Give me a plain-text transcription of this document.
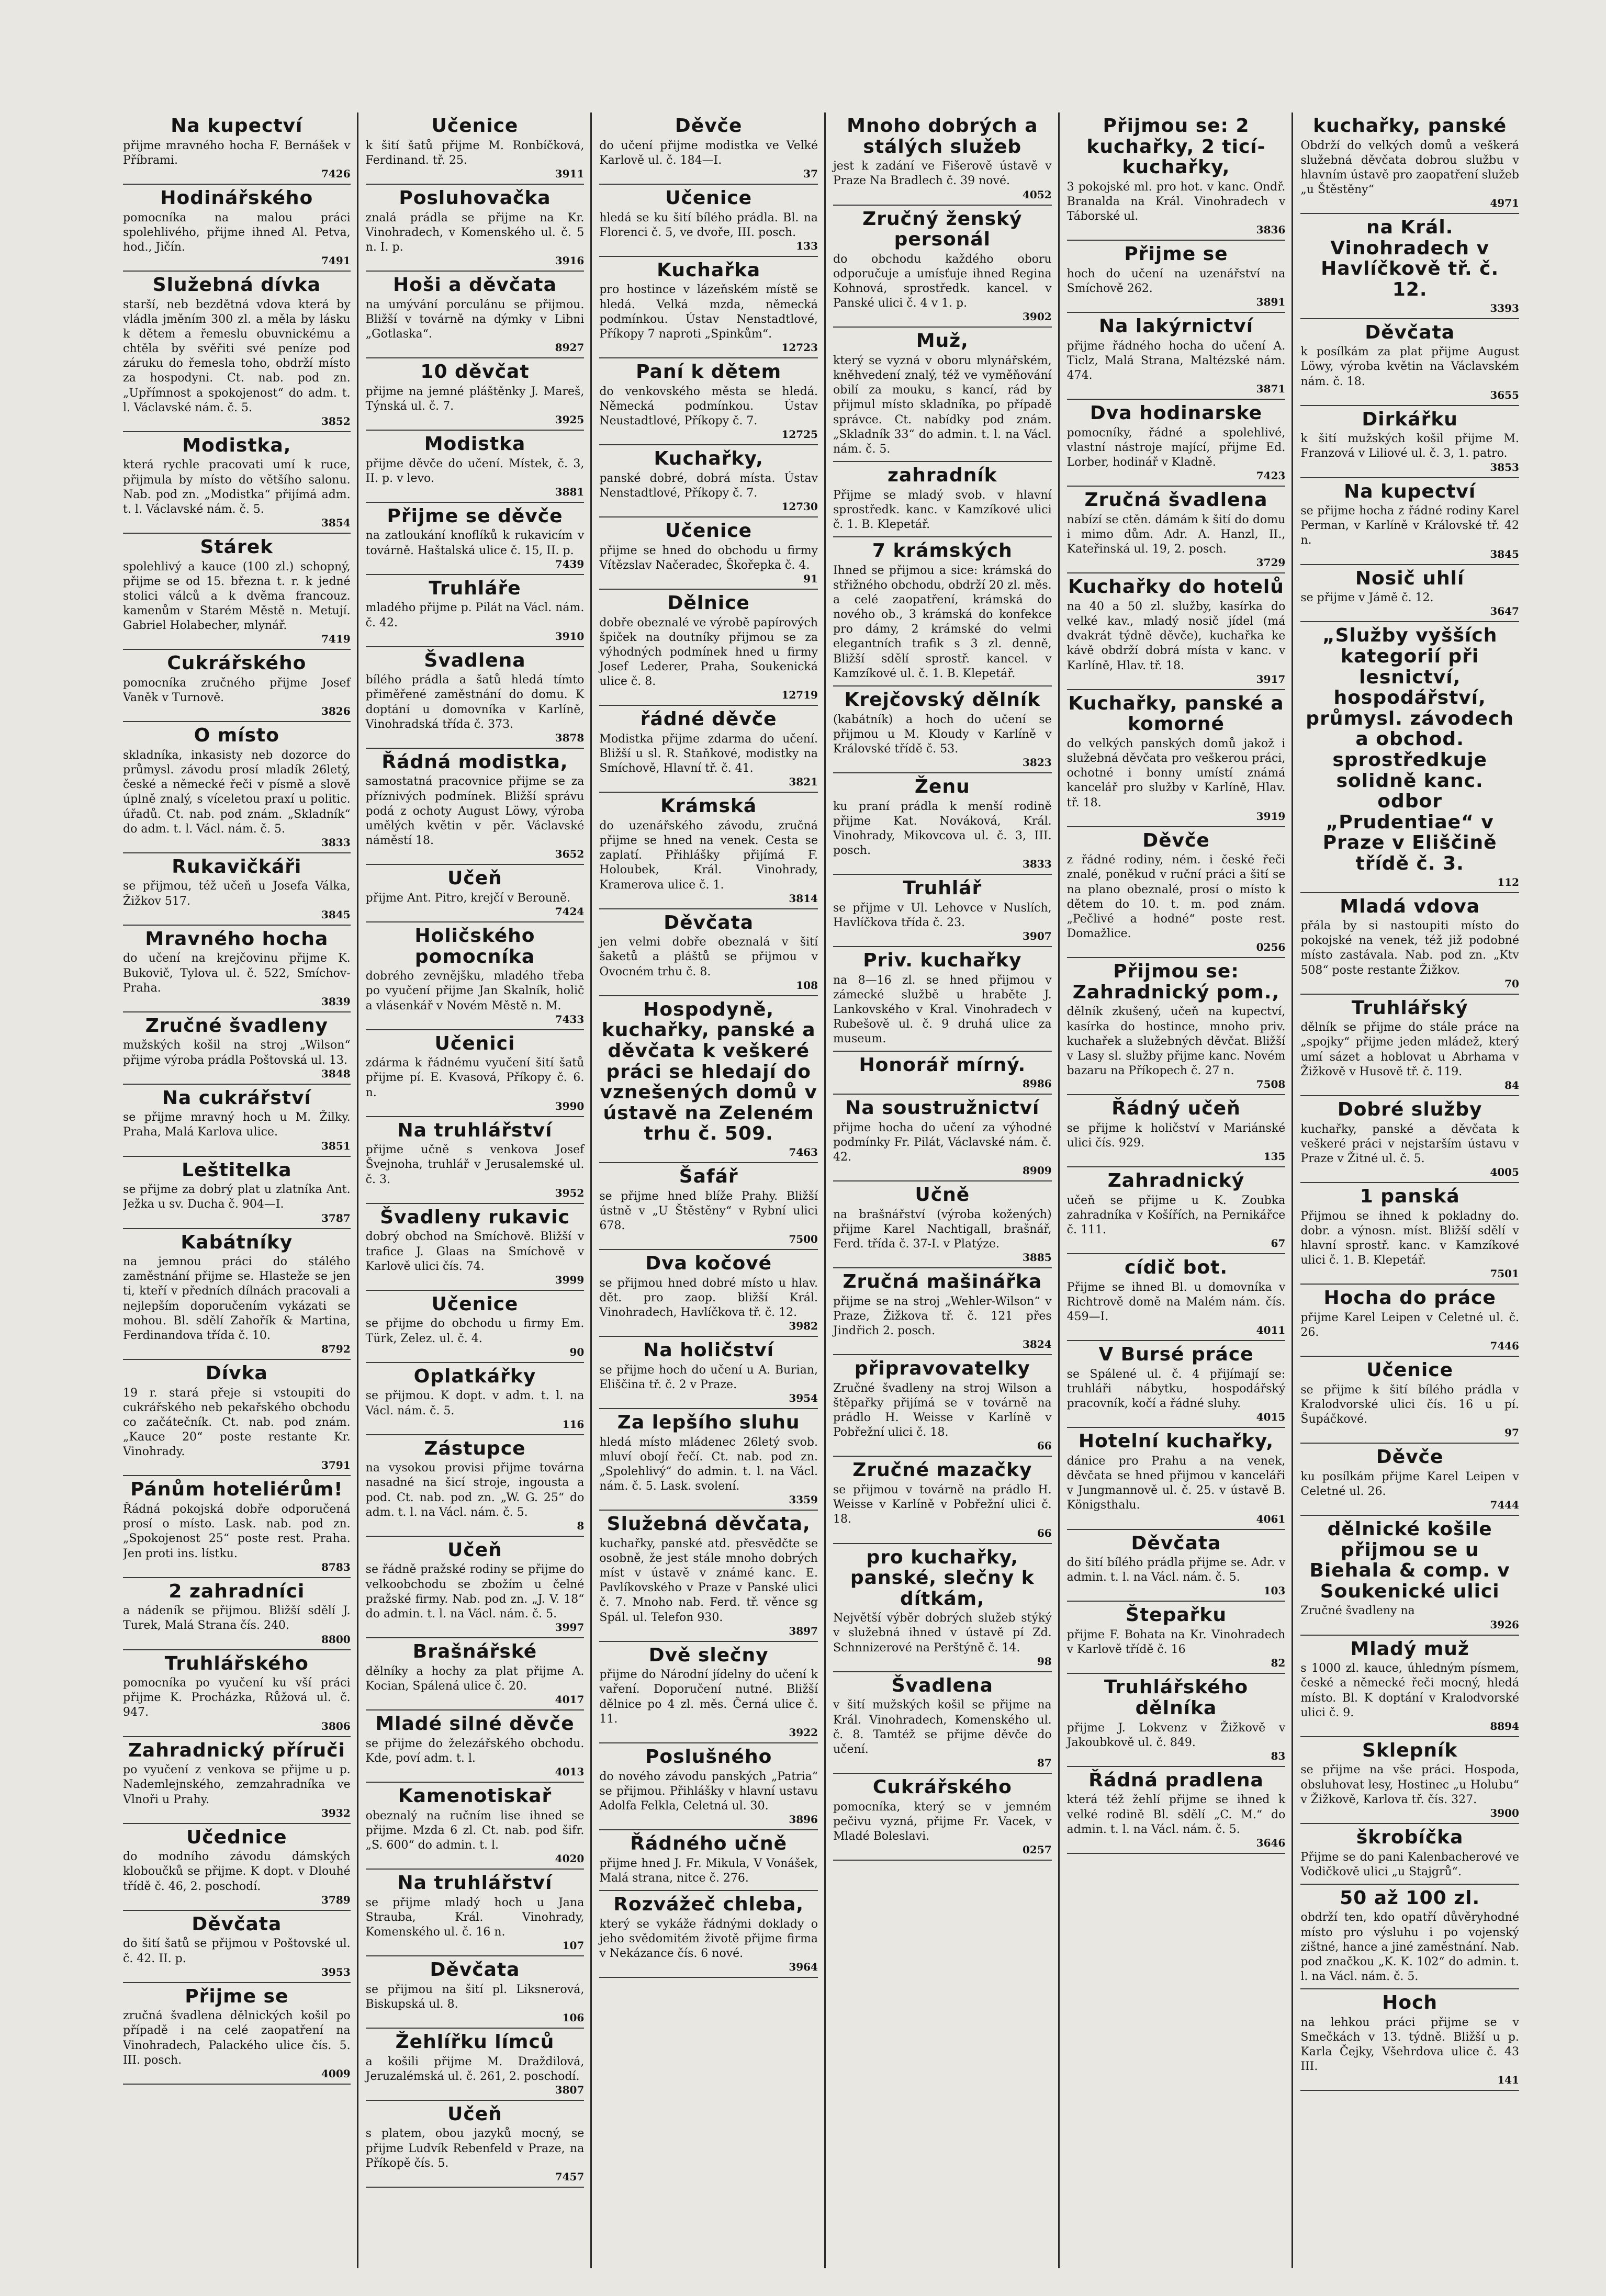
Na kupectví

přijme mravného hocha F. Bernášek v Příbrami.

7426
Hodinářského

pomocníka na malou práci spolehlivého, přijme ihned Al. Petva, hod., Jičín.

7491
Služebná dívka

starší, neb bezdětná vdova která by vládla jměním 300 zl. a měla by lásku k dětem a řemeslu obuvnickému a chtěla by svěřiti své peníze pod záruku do řemesla toho, obdrží místo za hospodyni. Ct. nab. pod zn. „Upřímnost a spokojenost“ do adm. t. l. Václavské nám. č. 5.

3852
Modistka,

která rychle pracovati umí k ruce, přijmula by místo do většího salonu. Nab. pod zn. „Modistka“ přijímá adm. t. l. Václavské nám. č. 5.

3854
Stárek

spolehlivý a kauce (100 zl.) schopný, přijme se od 15. března t. r. k jedné stolici válců a k dvěma francouz. kamenům v Starém Městě n. Metují. Gabriel Holabecher, mlynář.

7419
Cukrářského

pomocníka zručného přijme Josef Vaněk v Turnově.

3826
O místo

skladníka, inkasisty neb dozorce do průmysl. závodu prosí mladík 26letý, české a německé řeči v písmě a slově úplně znalý, s víceletou praxí u politic. úřadů. Ct. nab. pod znám. „Skladník“ do adm. t. l. Václ. nám. č. 5.

3833
Rukavičkáři

se přijmou, též učeň u Josefa Válka, Žižkov 517.

3845
Mravného hocha

do učení na krejčovinu přijme K. Bukovič, Tylova ul. č. 522, Smíchov-Praha.

3839
Zručné švadleny

mužských košil na stroj „Wilson“ přijme výroba prádla Poštovská ul. 13.

3848
Na cukrářství

se přijme mravný hoch u M. Žilky. Praha, Malá Karlova ulice.

3851
Leštitelka

se přijme za dobrý plat u zlatníka Ant. Ježka u sv. Ducha č. 904—I.

3787
Kabátníky

na jemnou práci do stálého zaměstnání přijme se. Hlasteže se jen ti, kteří v předních dílnách pracovali a nejlepším doporučením vykázati se mohou. Bl. sdělí Zahořík & Martina, Ferdinandova třída č. 10.

8792
Dívka

19 r. stará přeje si vstoupiti do cukrářského neb pekařského obchodu co začátečník. Ct. nab. pod znám. „Kauce 20“ poste restante Kr. Vinohrady.

3791
Pánům hoteliérům!

Řádná pokojská dobře odporučená prosí o místo. Lask. nab. pod zn. „Spokojenost 25“ poste rest. Praha. Jen proti ins. lístku.

8783
2 zahradníci

a nádeník se přijmou. Bližší sdělí J. Turek, Malá Strana čís. 240.

8800
Truhlářského

pomocníka po vyučení ku vší práci přijme K. Procházka, Růžová ul. č. 947.

3806
Zahradnický příruči

po vyučení z venkova se přijme u p. Nademlejnského, zemzahradníka ve Vlnoři u Prahy.

3932
Učednice

do modního závodu dámských kloboučků se přijme. K dopt. v Dlouhé třídě č. 46, 2. poschodí.

3789
Děvčata

do šití šatů se přijmou v Poštovské ul. č. 42. II. p.

3953
Přijme se

zručná švadlena dělnických košil po případě i na celé zaopatření na Vinohradech, Palackého ulice čís. 5. III. posch.

4009
Učenice

k šití šatů přijme M. Ronbíčková, Ferdinand. tř. 25.

3911
Posluhovačka

znalá prádla se přijme na Kr. Vinohradech, v Komenského ul. č. 5 n. I. p.

3916
Hoši a děvčata

na umývání porculánu se přijmou. Bližší v továrně na dýmky v Libni „Gotlaska“.

8927
10 děvčat

přijme na jemné pláštěnky J. Mareš, Týnská ul. č. 7.

3925
Modistka

přijme děvče do učení. Místek, č. 3, II. p. v levo.

3881
Přijme se děvče

na zatloukání knoflíků k rukavicím v továrně. Haštalská ulice č. 15, II. p.

7439
Truhláře

mladého přijme p. Pilát na Václ. nám. č. 42.

3910
Švadlena

bílého prádla a šatů hledá tímto přiměřené zaměstnání do domu. K doptání u domovníka v Karlíně, Vinohradská třída č. 373.

3878
Řádná modistka,

samostatná pracovnice přijme se za příznivých podmínek. Bližší správu podá z ochoty August Löwy, výroba umělých květin v pěr. Václavské náměstí 18.

3652
Učeň

přijme Ant. Pitro, krejčí v Berouně.

7424
Holičského pomocníka

dobrého zevnějšku, mladého třeba po vyučení přijme Jan Skalník, holič a vlásenkář v Novém Městě n. M.

7433
Učenici

zdárma k řádnému vyučení šití šatů přijme pí. E. Kvasová, Příkopy č. 6. n.

3990
Na truhlářství

přijme učně s venkova Josef Švejnoha, truhlář v Jerusalemské ul. č. 3.

3952
Švadleny rukavic

dobrý obchod na Smíchově. Bližší v trafice J. Glaas na Smíchově v Karlově ulici čís. 74.

3999
Učenice

se přijme do obchodu u firmy Em. Türk, Zelez. ul. č. 4.

90
Oplatkářky

se přijmou. K dopt. v adm. t. l. na Václ. nám. č. 5.

116
Zástupce

na vysokou provisi přijme továrna nasadné na šicí stroje, ingousta a pod. Ct. nab. pod zn. „W. G. 25“ do adm. t. l. na Václ. nám. č. 5.

8
Učeň

se řádně pražské rodiny se přijme do velkoobchodu se zbožím u čelné pražské firmy. Nab. pod zn. „J. V. 18“ do admin. t. l. na Václ. nám. č. 5.

3997
Brašnářské

dělníky a hochy za plat přijme A. Kocian, Spálená ulice č. 20.

4017
Mladé silné děvče

se přijme do železářského obchodu. Kde, poví adm. t. l.

4013
Kamenotiskař

obeznalý na ručním lise ihned se přijme. Mzda 6 zl. Ct. nab. pod šifr. „S. 600“ do admin. t. l.

4020
Na truhlářství

se přijme mladý hoch u Jana Strauba, Král. Vinohrady, Komenského ul. č. 16 n.

107
Děvčata

se přijmou na šití pl. Liksnerová, Biskupská ul. 8.

106
Žehlířku límců

a košili přijme M. Draždilová, Jeruzalémská ul. č. 261, 2. poschodí.

3807
Učeň

s platem, obou jazyků mocný, se přijme Ludvík Rebenfeld v Praze, na Příkopě čís. 5.

7457
Děvče

do učení přijme modistka ve Velké Karlově ul. č. 184—I.

37
Učenice

hledá se ku šití bílého prádla. Bl. na Florenci č. 5, ve dvoře, III. posch.

133
Kuchařka

pro hostince v lázeňském místě se hledá. Velká mzda, německá podmínkou. Ústav Nenstadtlové, Příkopy 7 naproti „Spinkům“.

12723
Paní k dětem

do venkovského města se hledá. Německá podmínkou. Ústav Neustadtlové, Příkopy č. 7.

12725
Kuchařky,

panské dobré, dobrá místa. Ústav Nenstadtlové, Příkopy č. 7.

12730
Učenice

přijme se hned do obchodu u firmy Vítězslav Načeradec, Škořepka č. 4.

91
Dělnice

dobře obeznalé ve výrobě papírových špiček na doutníky přijmou se za výhodných podmínek hned u firmy Josef Lederer, Praha, Soukenická ulice č. 8.

12719
řádné děvče

Modistka přijme zdarma do učení. Bližší u sl. R. Staňkové, modistky na Smíchově, Hlavní tř. č. 41.

3821
Krámská

do uzenářského závodu, zručná přijme se hned na venek. Cesta se zaplatí. Přihlášky přijímá F. Holoubek, Král. Vinohrady, Kramerova ulice č. 1.

3814
Děvčata

jen velmi dobře obeznalá v šití šaketů a pláštů se přijmou v Ovocném trhu č. 8.

108
Hospodyně, kuchařky, panské a děvčata k veškeré práci se hledají do vznešených domů v ústavě na Zeleném trhu č. 509.

7463
Šafář

se přijme hned blíže Prahy. Bližší ústně v „U Štěstěny“ v Rybní ulici 678.

7500
Dva kočové

se přijmou hned dobré místo u hlav. dět. pro zaop. bližší Král. Vinohradech, Havlíčkova tř. č. 12.

3982
Na holičství

se přijme hoch do učení u A. Burian, Eliščina tř. č. 2 v Praze.

3954
Za lepšího sluhu

hledá místo mládenec 26letý svob. mluví obojí řečí. Ct. nab. pod zn. „Spolehlivý“ do admin. t. l. na Václ. nám. č. 5. Lask. svolení.

3359
Služebná děvčata,

kuchařky, panské atd. přesvědčte se osobně, že jest stále mnoho dobrých míst v ústavě v známé kanc. E. Pavlíkovského v Praze v Panské ulici č. 7. Mnoho nab. Ferd. tř. věnce sg Spál. ul. Telefon 930.

3897
Dvě slečny

přijme do Národní jídelny do učení k vaření. Doporučení nutné. Bližší dělnice po 4 zl. měs. Černá ulice č. 11.

3922
Poslušného

do nového závodu panských „Patria“ se přijmou. Přihlášky v hlavní ustavu Adolfa Felkla, Celetná ul. 30.

3896
Řádného učně

přijme hned J. Fr. Mikula, V Vonášek, Malá strana, nitce č. 276.

Rozvážeč chleba,

který se vykáže řádnými doklady o jeho svědomitém životě přijme firma v Nekázance čís. 6 nové.

3964
Mnoho dobrých a stálých služeb

jest k zadání ve Fišerově ústavě v Praze Na Bradlech č. 39 nové.

4052
Zručný ženský personál

do obchodu každého oboru odporučuje a umísťuje ihned Regina Kohnová, sprostředk. kancel. v Panské ulici č. 4 v 1. p.

3902
Muž,

který se vyzná v oboru mlynářském, kněhvedení znalý, též ve vyměňování obilí za mouku, s kancí, rád by přijmul místo skladníka, po případě správce. Ct. nabídky pod znám. „Skladník 33“ do admin. t. l. na Václ. nám. č. 5.

zahradník

Přijme se mladý svob. v hlavní sprostředk. kanc. v Kamzíkové ulici č. 1. B. Klepetář.

7 krámských

Ihned se přijmou a sice: krámská do střižného obchodu, obdrží 20 zl. měs. a celé zaopatření, krámská do nového ob., 3 krámská do konfekce pro dámy, 2 krámské do velmi elegantních trafik s 3 zl. denně, Bližší sdělí sprostř. kancel. v Kamzíkové ul. č. 1. B. Klepetář.

Krejčovský dělník

(kabátník) a hoch do učení se přijmou u M. Kloudy v Karlíně v Královské třídě č. 53.

3823
Ženu

ku praní prádla k menší rodině přijme Kat. Nováková, Král. Vinohrady, Mikovcova ul. č. 3, III. posch.

3833
Truhlář

se přijme v Ul. Lehovce v Nuslích, Havlíčkova třída č. 23.

3907
Priv. kuchařky

na 8—16 zl. se hned přijmou v zámecké službě u hraběte J. Lankovského v Kral. Vinohradech v Rubešově ul. č. 9 druhá ulice za museum.

Honorář mírný.

8986
Na soustružnictví

přijme hocha do učení za výhodné podmínky Fr. Pilát, Václavské nám. č. 42.

8909
Učně

na brašnářství (výroba kožených) přijme Karel Nachtigall, brašnář, Ferd. třída č. 37-I. v Platýze.

3885
Zručná mašinářka

přijme se na stroj „Wehler-Wilson“ v Praze, Žižkova tř. č. 121 přes Jindřich 2. posch.

3824
připravovatelky

Zručné švadleny na stroj Wilson a štěpařky přijímá se v továrně na prádlo H. Weisse v Karlíně v Pobřežní ulici č. 18.

66
Zručné mazačky

se přijmou v továrně na prádlo H. Weisse v Karlíně v Pobřežní ulici č. 18.

66
pro kuchařky, panské, slečny k dítkám,

Největší výběr dobrých služeb stýký v služebná ihned v ústavě pí Zd. Schnnizerové na Perštýně č. 14.

98
Švadlena

v šití mužských košil se přijme na Král. Vinohradech, Komenského ul. č. 8. Tamtéž se přijme děvče do učení.

87
Cukrářského

pomocníka, který se v jemném pečivu vyzná, přijme Fr. Vacek, v Mladé Boleslavi.

0257
Přijmou se: 2 kuchařky, 2 ticí-kuchařky,

3 pokojské ml. pro hot. v kanc. Ondř. Branalda na Král. Vinohradech v Táborské ul.

3836
Přijme se

hoch do učení na uzenářství na Smíchově 262.

3891
Na lakýrnictví

přijme řádného hocha do učení A. Ticlz, Malá Strana, Maltézské nám. 474.

3871
Dva hodinarske

pomocníky, řádné a spolehlivé, vlastní nástroje mající, přijme Ed. Lorber, hodinář v Kladně.

7423
Zručná švadlena

nabízí se ctěn. dámám k šití do domu i mimo dům. Adr. A. Hanzl, II., Kateřinská ul. 19, 2. posch.

3729
Kuchařky do hotelů

na 40 a 50 zl. služby, kasírka do velké kav., mladý nosič jídel (má dvakrát týdně děvče), kuchařka ke kávě obdrží dobrá místa v kanc. v Karlíně, Hlav. tř. 18.

3917
Kuchařky, panské a komorné

do velkých panských domů jakož i služebná děvčata pro veškerou práci, ochotné i bonny umístí známá kancelář pro služby v Karlíně, Hlav. tř. 18.

3919
Děvče

z řádné rodiny, ném. i české řeči znalé, poněkud v ruční práci a šití se na plano obeznalé, prosí o místo k dětem do 10. t. m. pod znám. „Pečlivé a hodné“ poste rest. Domažlice.

0256
Přijmou se: Zahradnický pom.,

dělník zkušený, učeň na kupectví, kasírka do hostince, mnoho priv. kuchařek a služebných děvčat. Bližší v Lasy sl. služby přijme kanc. Novém bazaru na Příkopech č. 27 n.

7508
Řádný učeň

se přijme k holičství v Mariánské ulici čís. 929.

135
Zahradnický

učeň se přijme u K. Zoubka zahradníka v Košířích, na Pernikářce č. 111.

67
cídič bot.

Přijme se ihned Bl. u domovníka v Richtrově domě na Malém nám. čís. 459—I.

4011
V Bursé práce

se Spálené ul. č. 4 přijímají se: truhláři nábytku, hospodářský pracovník, kočí a řádné sluhy.

4015
Hotelní kuchařky,

dánice pro Prahu a na venek, děvčata se hned přijmou v kanceláři v Jungmannově ul. č. 25. v ústavě B. Königsthalu.

4061
Děvčata

do šití bílého prádla přijme se. Adr. v admin. t. l. na Václ. nám. č. 5.

103
Štepařku

přijme F. Bohata na Kr. Vinohradech v Karlově třídě č. 16

82
Truhlářského dělníka

přijme J. Lokvenz v Žižkově v Jakoubkově ul. č. 849.

83
Řádná pradlena

která též žehlí přijme se ihned k velké rodině Bl. sdělí „C. M.“ do admin. t. l. na Václ. nám. č. 5.

3646
kuchařky, panské

Obdrží do velkých domů a veškerá služebná děvčata dobrou službu v hlavním ústavě pro zaopatření služeb „u Štěstěny“

4971
na Král. Vinohradech v Havlíčkově tř. č. 12.

3393
Děvčata

k posílkám za plat přijme August Löwy, výroba květin na Václavském nám. č. 18.

3655
Dirkářku

k šití mužských košil přijme M. Franzová v Liliové ul. č. 3, 1. patro.

3853
Na kupectví

se přijme hocha z řádné rodiny Karel Perman, v Karlíně v Královské tř. 42 n.

3845
Nosič uhlí

se přijme v Jámě č. 12.

3647
„Služby vyšších kategorií při lesnictví, hospodářství, průmysl. závodech a obchod. sprostředkuje solidně kanc. odbor „Prudentiae“ v Praze v Eliščině třídě č. 3.

112
Mladá vdova

přála by si nastoupiti místo do pokojské na venek, též již podobné místo zastávala. Nab. pod zn. „Ktv 508“ poste restante Žižkov.

70
Truhlářský

dělník se přijme do stále práce na „spojky“ přijme jeden mládež, který umí sázet a hoblovat u Abrhama v Žižkově v Husově tř. č. 119.

84
Dobré služby

kuchařky, panské a děvčata k veškeré práci v nejstarším ústavu v Praze v Žitné ul. č. 5.

4005
1 panská

Přijmou se ihned k pokladny do. dobr. a výnosn. míst. Bližší sdělí v hlavní sprostř. kanc. v Kamzíkové ulici č. 1. B. Klepetář.

7501
Hocha do práce

přijme Karel Leipen v Celetné ul. č. 26.

7446
Učenice

se přijme k šití bílého prádla v Kralodvorské ulici čís. 16 u pí. Šupáčkové.

97
Děvče

ku posílkám přijme Karel Leipen v Celetné ul. 26.

7444
dělnické košile přijmou se u Biehala & comp. v Soukenické ulici

Zručné švadleny na

3926
Mladý muž

s 1000 zl. kauce, úhledným písmem, české a německé řeči mocný, hledá místo. Bl. K doptání v Kralodvorské ulici č. 9.

8894
Sklepník

se přijme na vše práci. Hospoda, obsluhovat lesy, Hostinec „u Holubu“ v Žižkově, Karlova tř. čís. 327.

3900
škrobíčka

Přijme se do pani Kalenbacherové ve Vodičkově ulici „u Stajgrů“.

50 až 100 zl.

obdrží ten, kdo opatří důvěryhodné místo pro výsluhu i po vojenský zištné, hance a jiné zaměstnání. Nab. pod značkou „K. K. 102“ do admin. t. l. na Václ. nám. č. 5.

Hoch

na lehkou práci přijme se v Smečkách v 13. týdně. Bližší u p. Karla Čejky, Všehrdova ulice č. 43 III.

141
